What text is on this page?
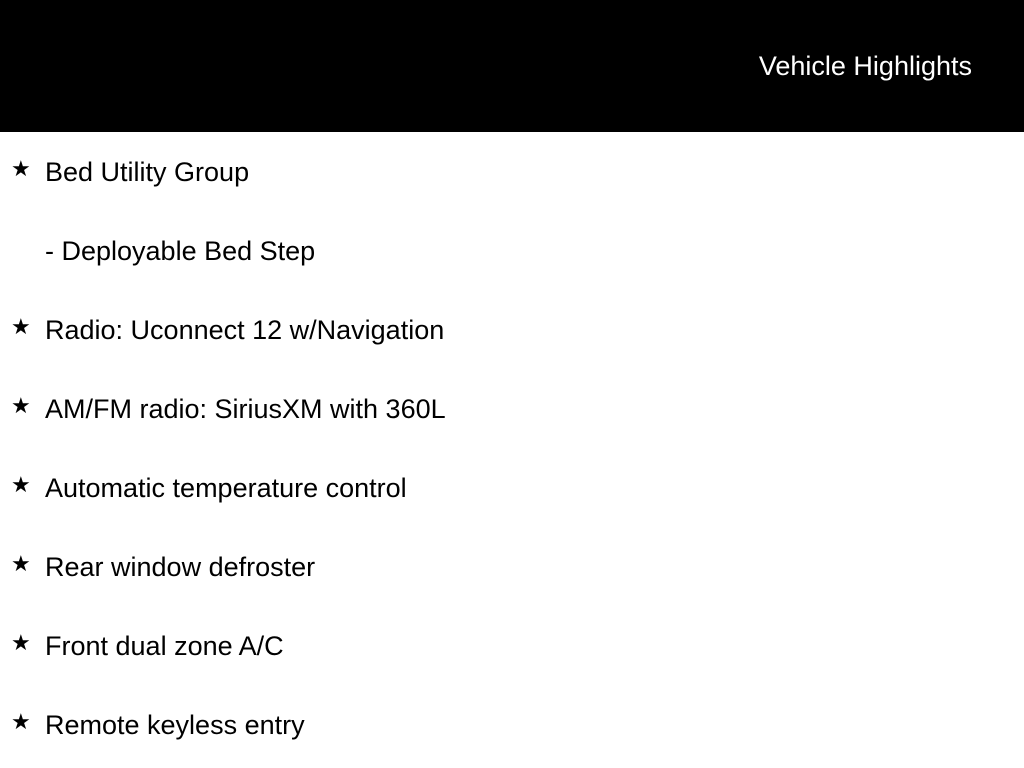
Vehicle Highlights
★ Bed Utility Group
- Deployable Bed Step
★ Radio: Uconnect 12 w/Navigation
★ AM/FM radio: SiriusXM with 360L
★ Automatic temperature control
★ Rear window defroster
★ Front dual zone A/C
★ Remote keyless entry
